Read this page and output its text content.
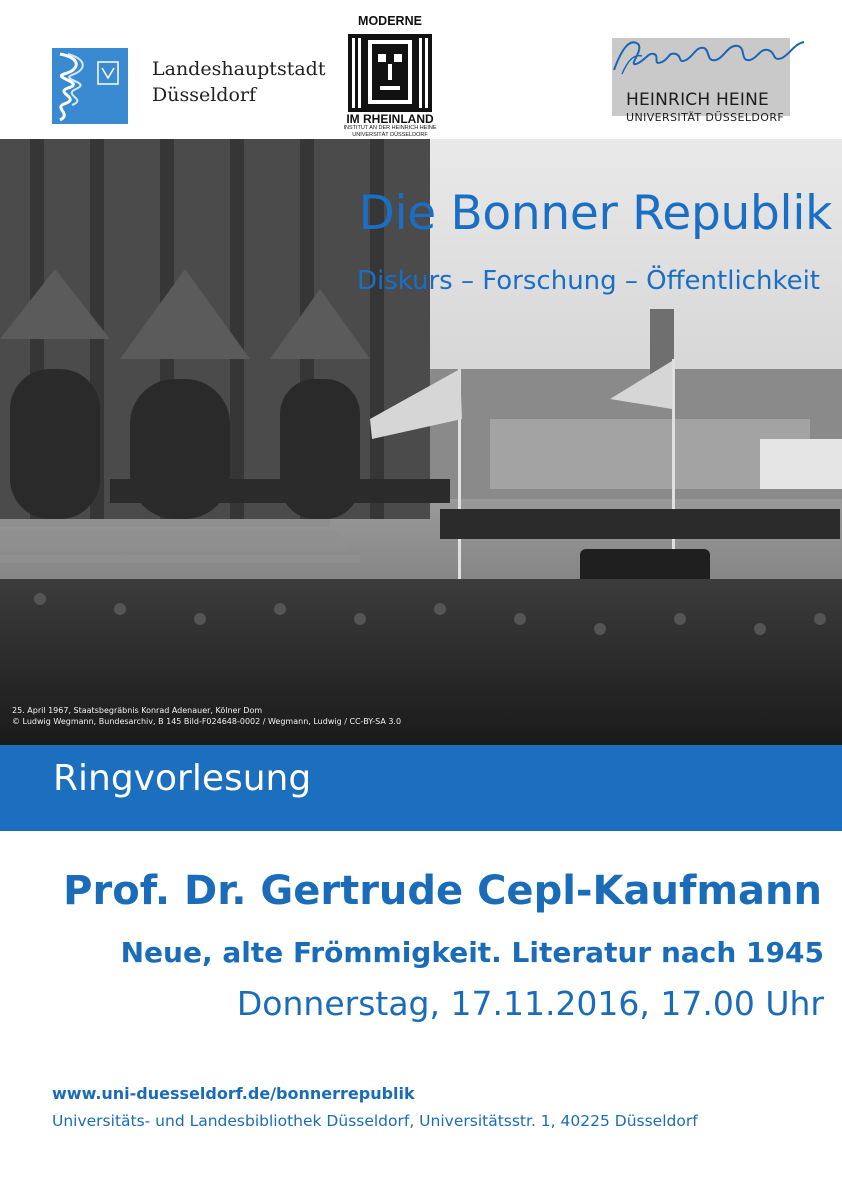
Landeshauptstadt
Düsseldorf
MODERNE
IM RHEINLAND
INSTITUT AN DER HEINRICH HEINE
UNIVERSITÄT DÜSSELDORF
HEINRICH HEINE
UNIVERSITÄT DÜSSELDORF
Die Bonner Republik
Diskurs – Forschung – Öffentlichkeit
25. April 1967, Staatsbegräbnis Konrad Adenauer, Kölner Dom
© Ludwig Wegmann, Bundesarchiv, B 145 Bild-F024648-0002 / Wegmann, Ludwig / CC-BY-SA 3.0
Ringvorlesung
Prof. Dr. Gertrude Cepl-Kaufmann
Neue, alte Frömmigkeit. Literatur nach 1945
Donnerstag, 17.11.2016, 17.00 Uhr
www.uni-duesseldorf.de/bonnerrepublik
Universitäts- und Landesbibliothek Düsseldorf, Universitätsstr. 1, 40225 Düsseldorf
